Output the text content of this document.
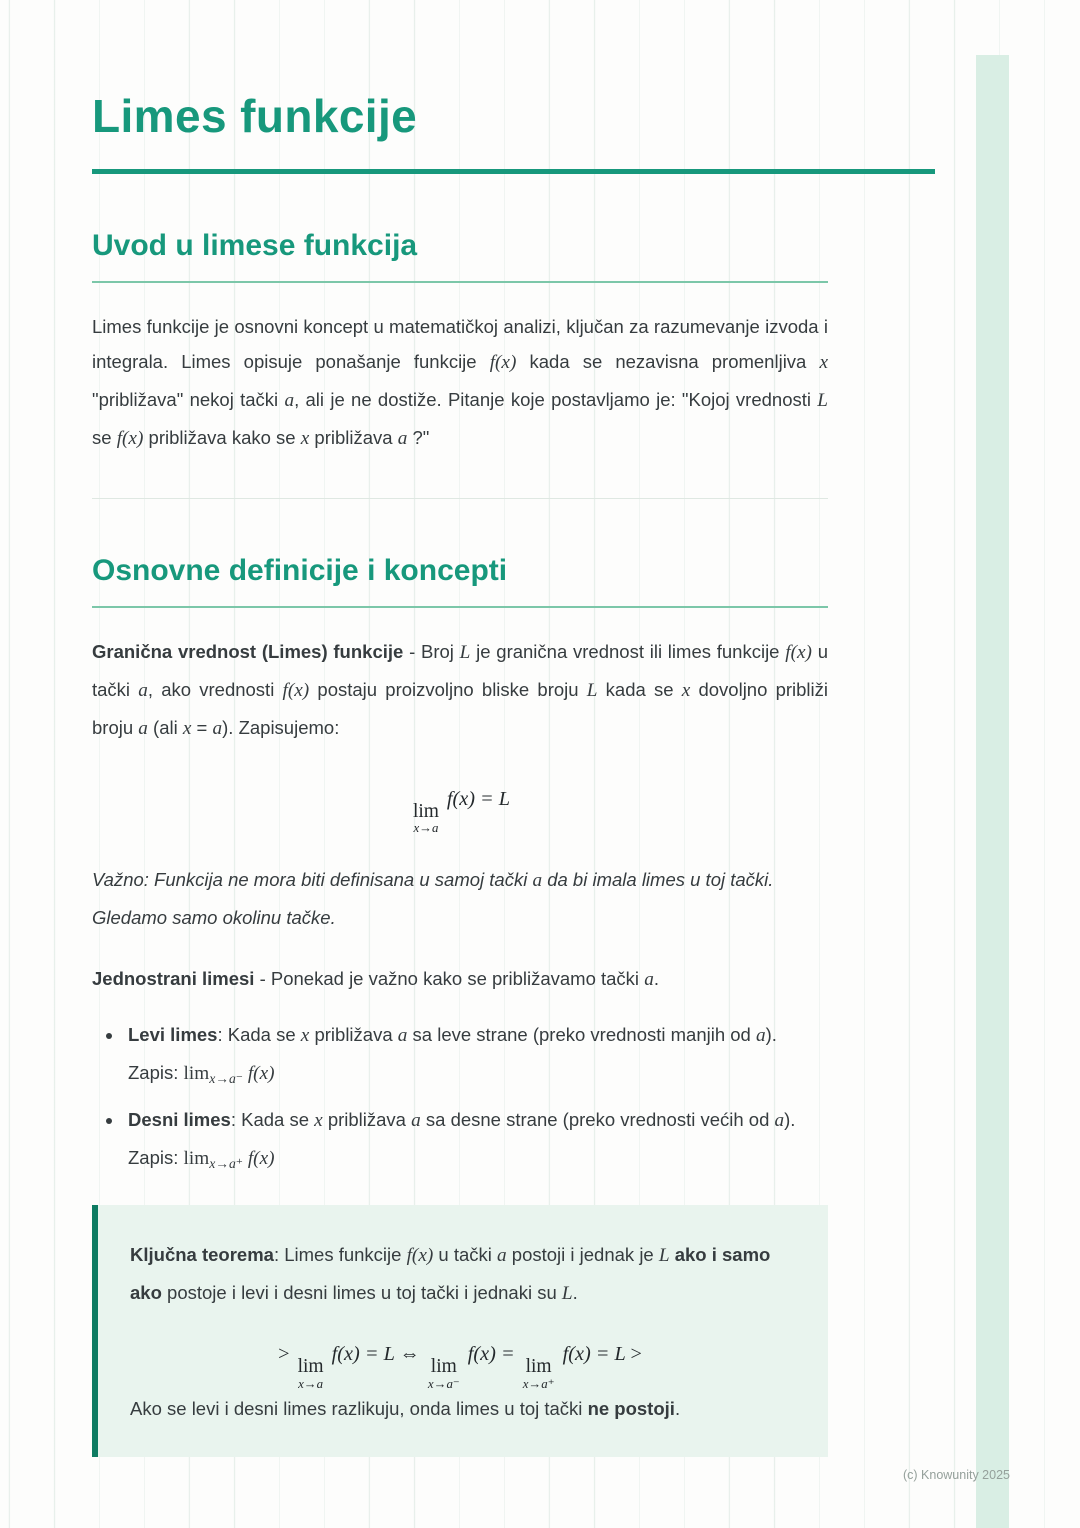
Limes funkcije
Uvod u limese funkcija

Limes funkcije je osnovni koncept u matematičkoj analizi, ključan za razumevanje izvoda i integrala. Limes opisuje ponašanje funkcije f(x) kada se nezavisna promenljiva x "približava" nekoj tački a, ali je ne dostiže. Pitanje koje postavljamo je: "Kojoj vrednosti L se f(x) približava kako se x približava a ?"

Osnovne definicije i koncepti

Granična vrednost (Limes) funkcije - Broj L je granična vrednost ili limes funkcije f(x) u tački a, ako vrednosti f(x) postaju proizvoljno bliske broju L kada se x dovoljno približi broju a (ali x = a). Zapisujemo:

lim
x→a
f(x) = L

Važno: Funkcija ne mora biti definisana u samoj tački a da bi imala limes u toj tački. Gledamo samo okolinu tačke.

Jednostrani limesi - Ponekad je važno kako se približavamo tački a.

• Levi limes: Kada se x približava a sa leve strane (preko vrednosti manjih od a). Zapis: $\lim_{x\to a^-} f(x)$
• Desni limes: Kada se x približava a sa desne strane (preko vrednosti većih od a). Zapis: $\lim_{x\to a^+} f(x)$

Ključna teorema: Limes funkcije f(x) u tački a postoji i jednak je L ako i samo ako postoje i levi i desni limes u toj tački i jednaki su L.

>
lim
x→a
f(x) = L ⇔
lim
x→a⁻
f(x) =
lim
x→a⁺
f(x) = L >

Ako se levi i desni limes razlikuju, onda limes u toj tački ne postoji.

(c) Knowunity 2025
